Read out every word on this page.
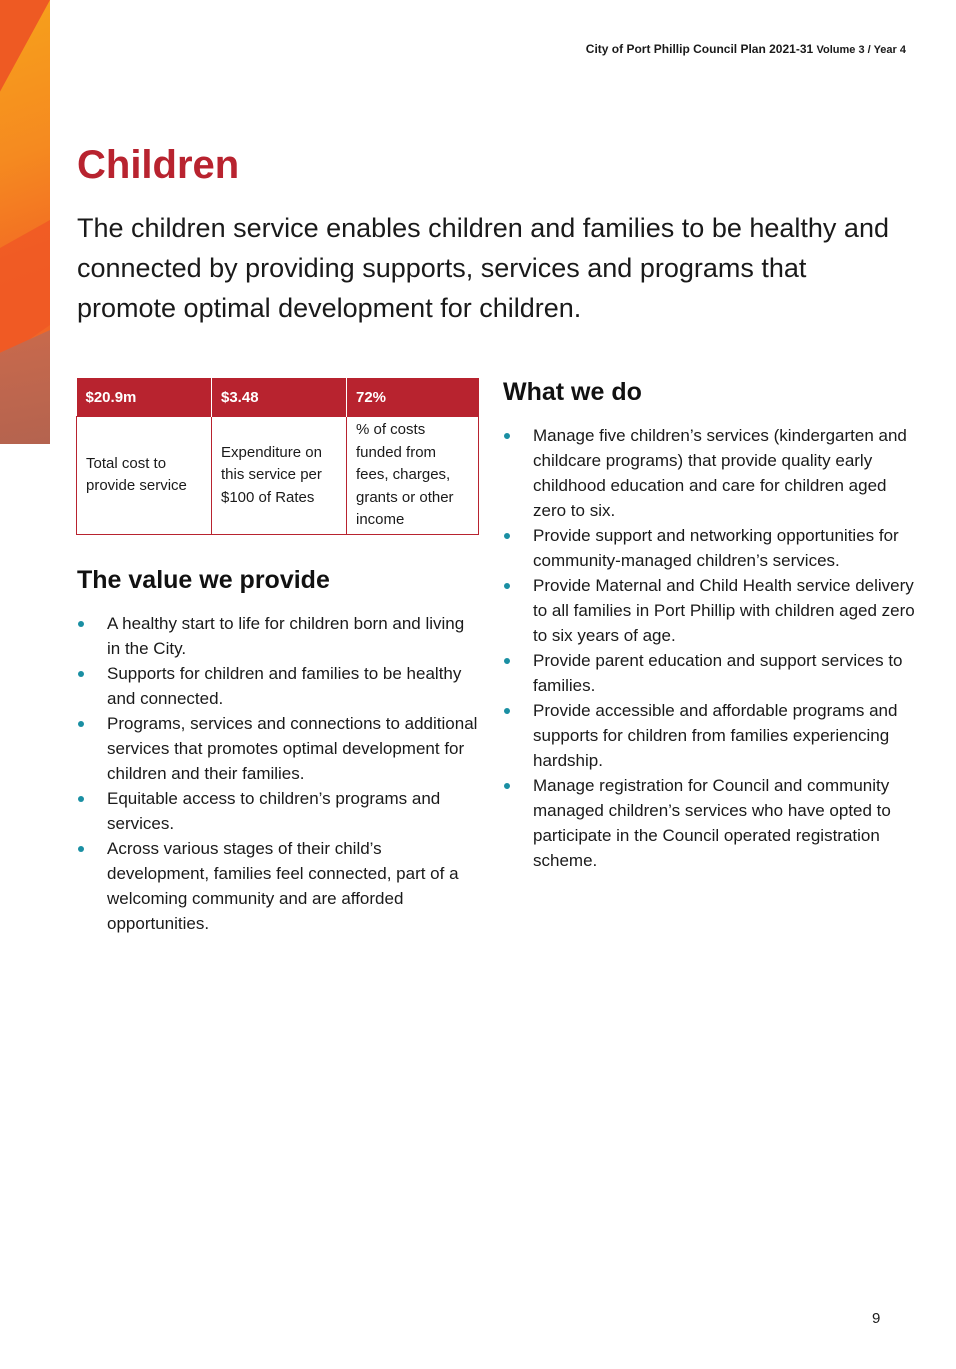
City of Port Phillip Council Plan 2021-31 Volume 3 / Year 4
Children

The children service enables children and families to be healthy and connected by providing supports, services and programs that promote optimal development for children.

$20.9m	$3.48	72%
Total cost to provide service	Expenditure on this service per $100 of Rates	% of costs funded from fees, charges, grants or other income
The value we provide
A healthy start to life for children born and living in the City.
Supports for children and families to be healthy and connected.
Programs, services and connections to additional services that promotes optimal development for children and their families.
Equitable access to children’s programs and services.
Across various stages of their child’s development, families feel connected, part of a welcoming community and are afforded opportunities.
What we do
Manage five children’s services (kindergarten and childcare programs) that provide quality early childhood education and care for children aged zero to six.
Provide support and networking opportunities for community-managed children’s services.
Provide Maternal and Child Health service delivery to all families in Port Phillip with children aged zero to six years of age.
Provide parent education and support services to families.
Provide accessible and affordable programs and supports for children from families experiencing hardship.
Manage registration for Council and community managed children’s services who have opted to participate in the Council operated registration scheme.
9
